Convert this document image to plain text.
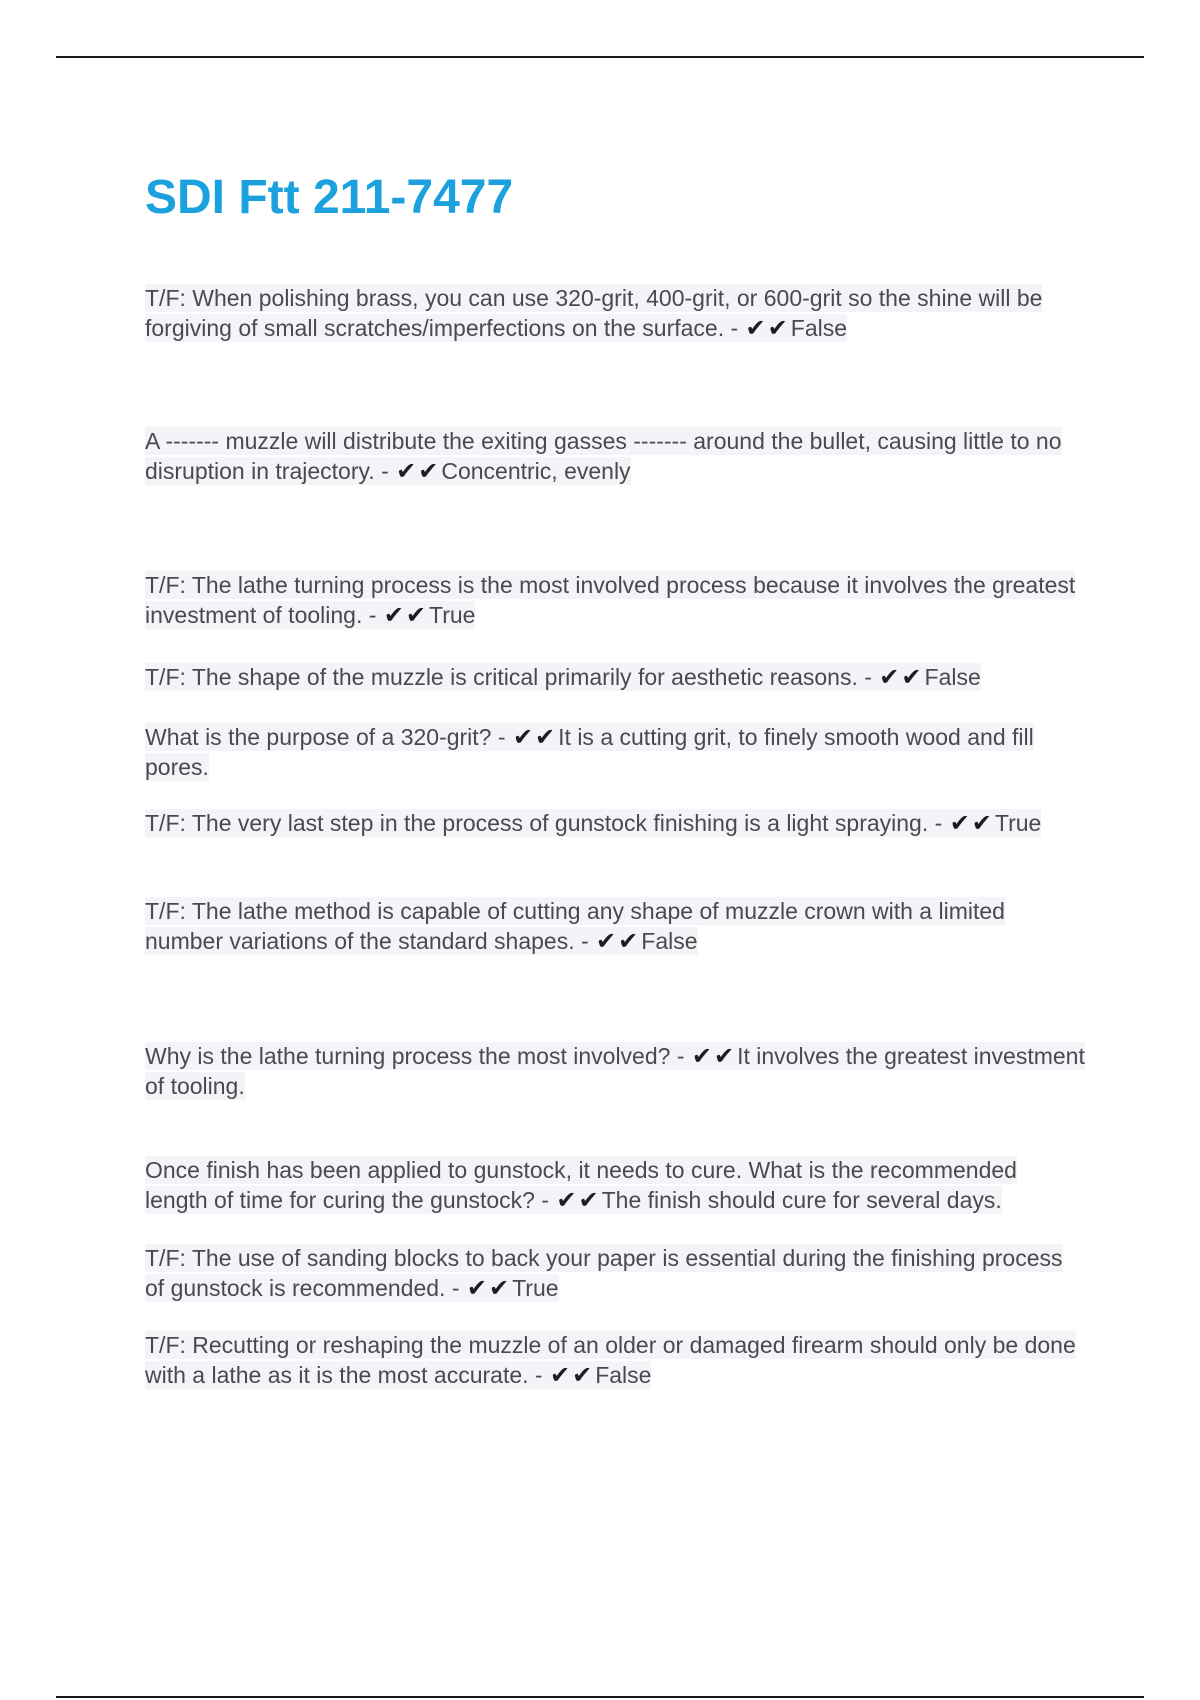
SDI Ftt 211-7477

T/F: When polishing brass, you can use 320-grit, 400-grit, or 600-grit so the shine will be forgiving of small scratches/imperfections on the surface. - ✔✔False

A ------- muzzle will distribute the exiting gasses ------- around the bullet, causing little to no disruption in trajectory. - ✔✔Concentric, evenly

T/F: The lathe turning process is the most involved process because it involves the greatest investment of tooling. - ✔✔True

T/F: The shape of the muzzle is critical primarily for aesthetic reasons. - ✔✔False

What is the purpose of a 320-grit? - ✔✔It is a cutting grit, to finely smooth wood and fill pores.

T/F: The very last step in the process of gunstock finishing is a light spraying. - ✔✔True

T/F: The lathe method is capable of cutting any shape of muzzle crown with a limited number variations of the standard shapes. - ✔✔False

Why is the lathe turning process the most involved? - ✔✔It involves the greatest investment of tooling.

Once finish has been applied to gunstock, it needs to cure. What is the recommended length of time for curing the gunstock? - ✔✔The finish should cure for several days.

T/F: The use of sanding blocks to back your paper is essential during the finishing process of gunstock is recommended. - ✔✔True

T/F: Recutting or reshaping the muzzle of an older or damaged firearm should only be done with a lathe as it is the most accurate. - ✔✔False
